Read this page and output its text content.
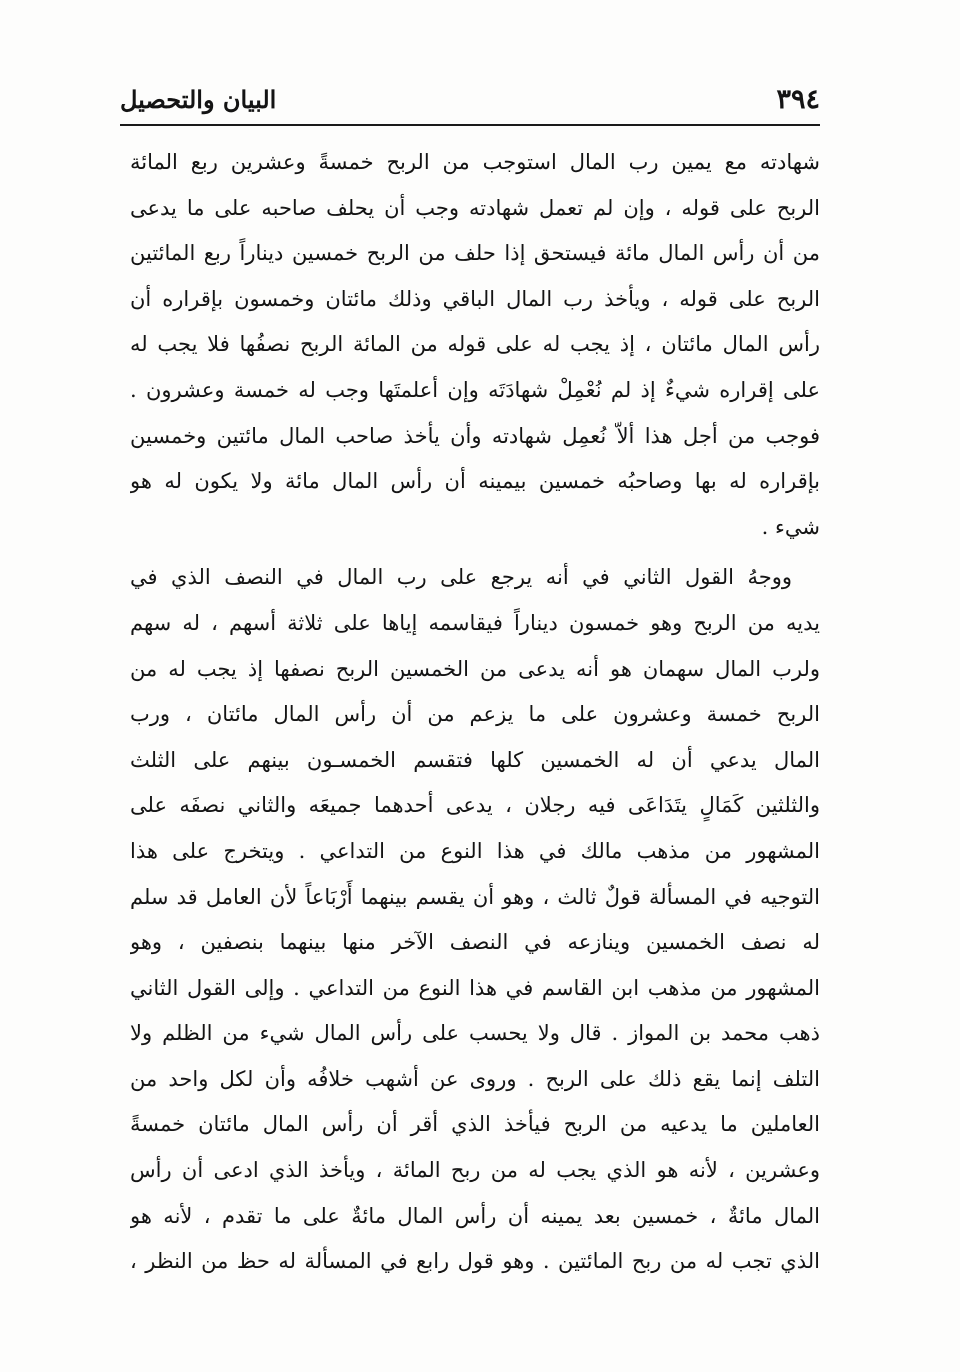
٣٩٤
البيان والتحصيل
شهادته مع يمين رب المال استوجب من الربح خمسةً وعشرين ربع المائة
الربح على قوله ، وإن لم تعمل شهادته وجب أن يحلف صاحبه على ما يدعى
من أن رأس المال مائة فيستحق إذا حلف من الربح خمسين ديناراً ربع المائتين
الربح على قوله ، ويأخذ رب المال الباقي وذلك مائتان وخمسون بإقراره أن
رأس المال مائتان ، إذ يجب له على قوله من المائة الربح نصفُها فلا يجب له
على إقراره شيءٌ إذ لم نُعْمِلْ شهادَتَه وإن أعلمتَها وجب له خمسة وعشرون .
فوجب من أجل هذا ألاّ نُعمِل شهادته وأن يأخذ صاحب المال مائتين وخمسين
بإقراره له بها وصاحبُه خمسين بيمينه أن رأس المال مائة ولا يكون له هو
شيء .
ووجهُ القول الثاني في أنه يرجع على رب المال في النصف الذي في
يديه من الربح وهو خمسون ديناراً فيقاسمه إياها على ثلاثة أسهم ، له سهم
ولرب المال سهمان هو أنه يدعى من الخمسين الربح نصفها إذ يجب له من
الربح خمسة وعشرون على ما يزعم من أن رأس المال مائتان ، ورب
المال يدعي أن له الخمسين كلها فتقسم الخمسـون بينهم على الثلث
والثلثين كَمَالٍ يتَدَاعَى فيه رجلان ، يدعى أحدهما جميعَه والثاني نصفَه على
المشهور من مذهب مالك في هذا النوع من التداعي . ويتخرج على هذا
التوجيه في المسألة قولٌ ثالث ، وهو أن يقسم بينهما أَرْبَاعاً لأن العامل قد سلم
له نصف الخمسين وينازعه في النصف الآخر منها بينهما بنصفين ، وهو
المشهور من مذهب ابن القاسم في هذا النوع من التداعي . وإلى القول الثاني
ذهب محمد بن المواز . قال ولا يحسب على رأس المال شيء من الظلم ولا
التلف إنما يقع ذلك على الربح . وروى عن أشهب خلافُه وأن لكل واحد من
العاملين ما يدعيه من الربح فيأخذ الذي أقر أن رأس المال مائتان خمسةً
وعشرين ، لأنه هو الذي يجب له من ربح المائة ، ويأخذ الذي ادعى أن رأس
المال مائةٌ ، خمسين بعد يمينه أن رأس المال مائةٌ على ما تقدم ، لأنه هو
الذي تجب له من ربح المائتين . وهو قول رابع في المسألة له حظ من النظر ،
